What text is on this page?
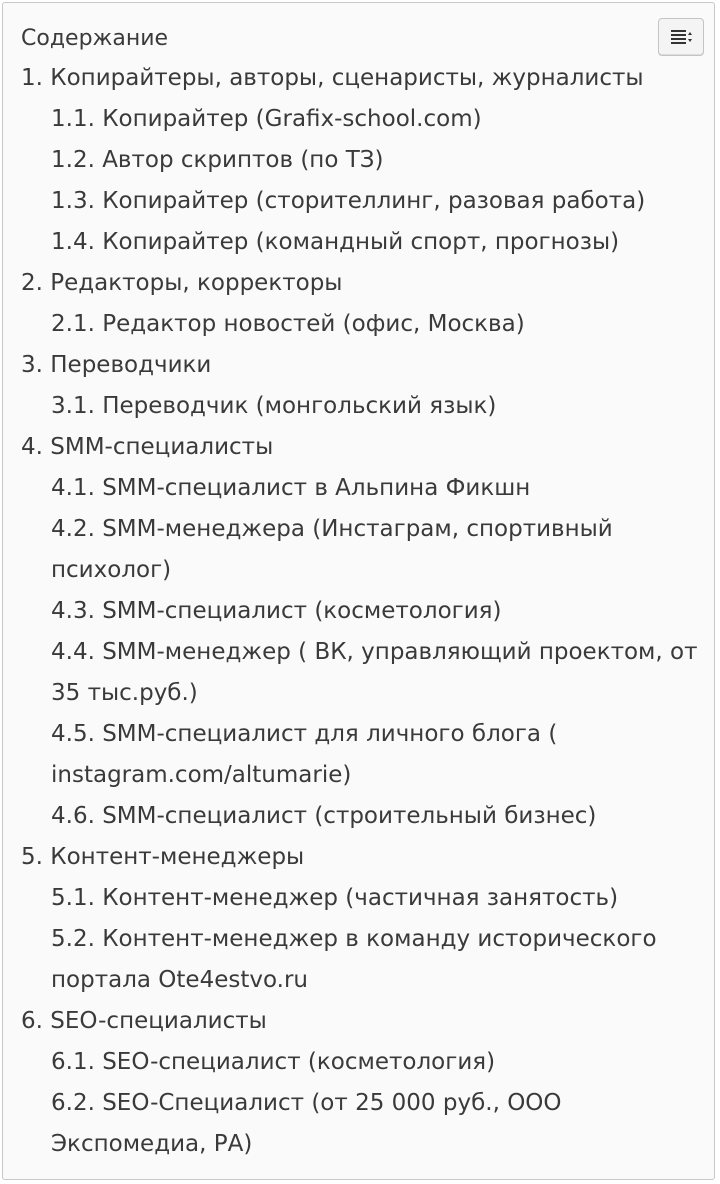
Содержание
1. Копирайтеры, авторы, сценаристы, журналисты
1.1. Копирайтер (Grafix-school.com)
1.2. Автор скриптов (по ТЗ)
1.3. Копирайтер (сторителлинг, разовая работа)
1.4. Копирайтер (командный спорт, прогнозы)
2. Редакторы, корректоры
2.1. Редактор новостей (офис, Москва)
3. Переводчики
3.1. Переводчик (монгольский язык)
4. SMM-специалисты
4.1. SMM-специалист в Альпина Фикшн
4.2. SMM-менеджера (Инстаграм, спортивный психолог)
4.3. SMM-специалист (косметология)
4.4. SMM-менеджер ( ВК, управляющий проектом, от 35 тыс.руб.)
4.5. SMM-специалист для личного блога ( instagram.com/altumarie)
4.6. SMM-специалист (строительный бизнес)
5. Контент-менеджеры
5.1. Контент-менеджер (частичная занятость)
5.2. Контент-менеджер в команду исторического портала Ote4estvo.ru
6. SEO-специалисты
6.1. SEO-специалист (косметология)
6.2. SEO-Специалист (от 25 000 руб., ООО Экспомедиа, РА)
